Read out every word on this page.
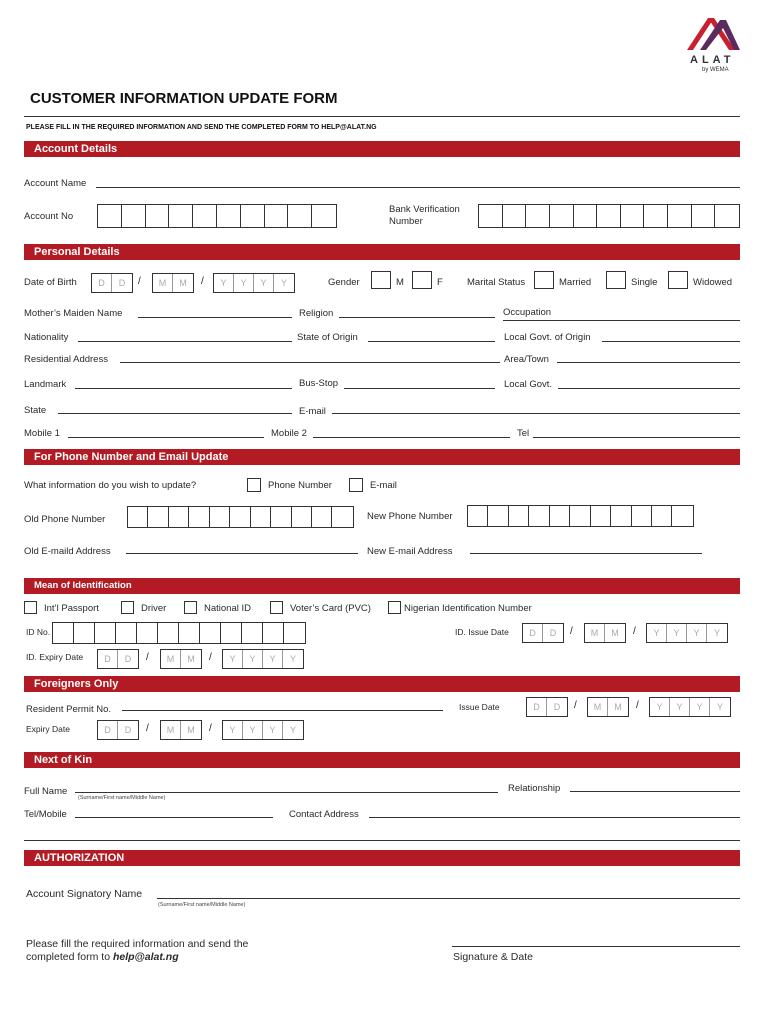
ALAT
by WEMA
CUSTOMER INFORMATION UPDATE FORM
PLEASE FILL IN THE REQUIRED INFORMATION AND SEND THE COMPLETED FORM TO HELP@ALAT.NG
Account Details
Account Name
Account No
Bank Verification
Number
Personal Details
Date of Birth	D	D	/	M	M	/	Y	Y	Y	Y	Gender	M	F	Marital Status	Married	Single	Widowed
Mother’s Maiden Name	Religion	Occupation
Nationality	State of Origin	Local Govt. of Origin
Residential Address	Area/Town
Landmark	Bus-Stop	Local Govt.
State	E-mail
Mobile 1	Mobile 2	Tel
For Phone Number and Email Update
What information do you wish to update?	Phone Number	E-mail
Old Phone Number	New Phone Number
Old E-maild Address	New E-mail Address
Mean of Identification
Int’l Passport	Driver	National ID	Voter’s Card (PVC)	Nigerian Identification Number
ID No.	ID. Issue Date	D	D	/	M	M	/	Y	Y	Y	Y
ID. Expiry Date	D	D	/	M	M	/	Y	Y	Y	Y
Foreigners Only
Resident Permit No.	Issue Date	D	D	/	M	M	/	Y	Y	Y	Y
Expiry Date	D	D	/	M	M	/	Y	Y	Y	Y
Next of Kin
Full Name
(Surname/First name/Middle Name)
Relationship
Tel/Mobile	Contact Address
AUTHORIZATION
Account Signatory Name
(Surname/First name/Middle Name)
Please fill the required information and send the
completed form to help@alat.ng	Signature & Date
